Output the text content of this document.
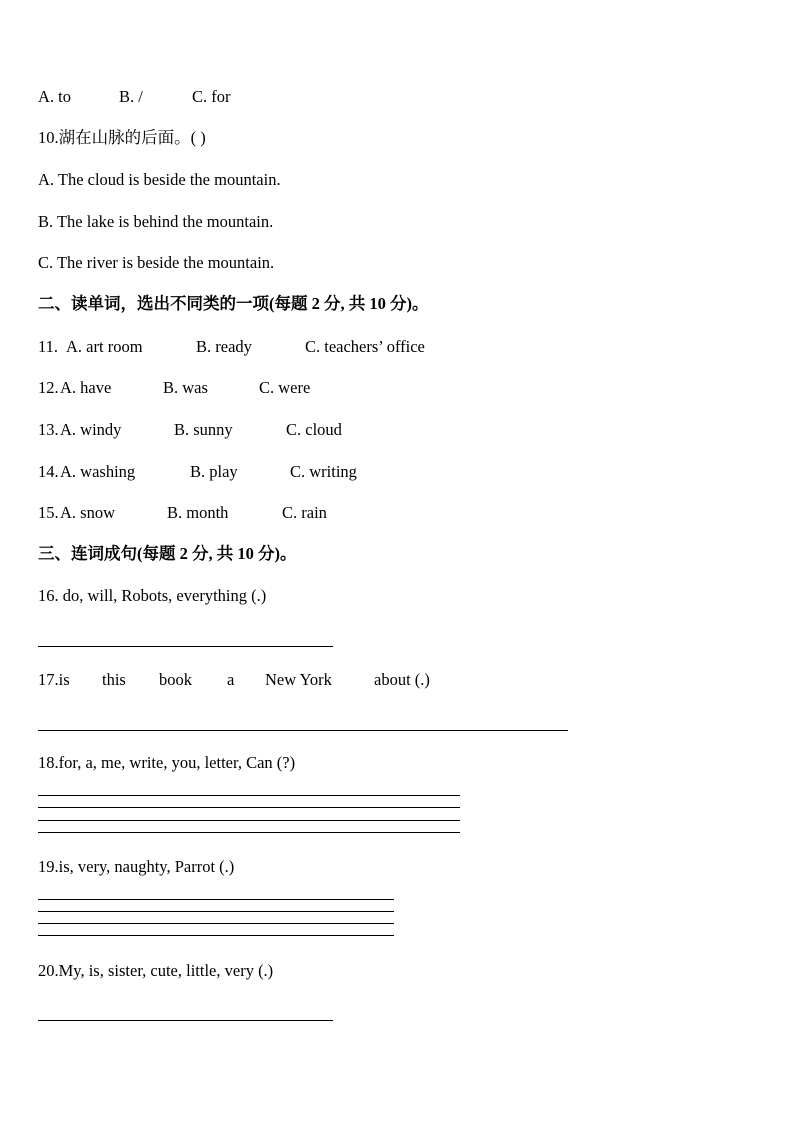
A. to	B. /	C. for
10.湖在山脉的后面。( )
A. The cloud is beside the mountain.
B. The lake is behind the mountain.
C. The river is beside the mountain.
二、读单词，选出不同类的一项(每题 2 分, 共 10 分)。
11. A. art room	B. ready	C. teachers’ office
12. A. have	B. was	C. were
13. A. windy	B. sunny	C. cloud
14. A. washing	B. play	C. writing
15. A. snow	B. month	C. rain
三、连词成句(每题 2 分, 共 10 分)。
16. do, will, Robots, everything (.)
17.is this book a New York	about (.)
18.for, a, me, write, you, letter, Can (?)
19.is, very, naughty, Parrot (.)
20.My, is, sister, cute, little, very (.)
